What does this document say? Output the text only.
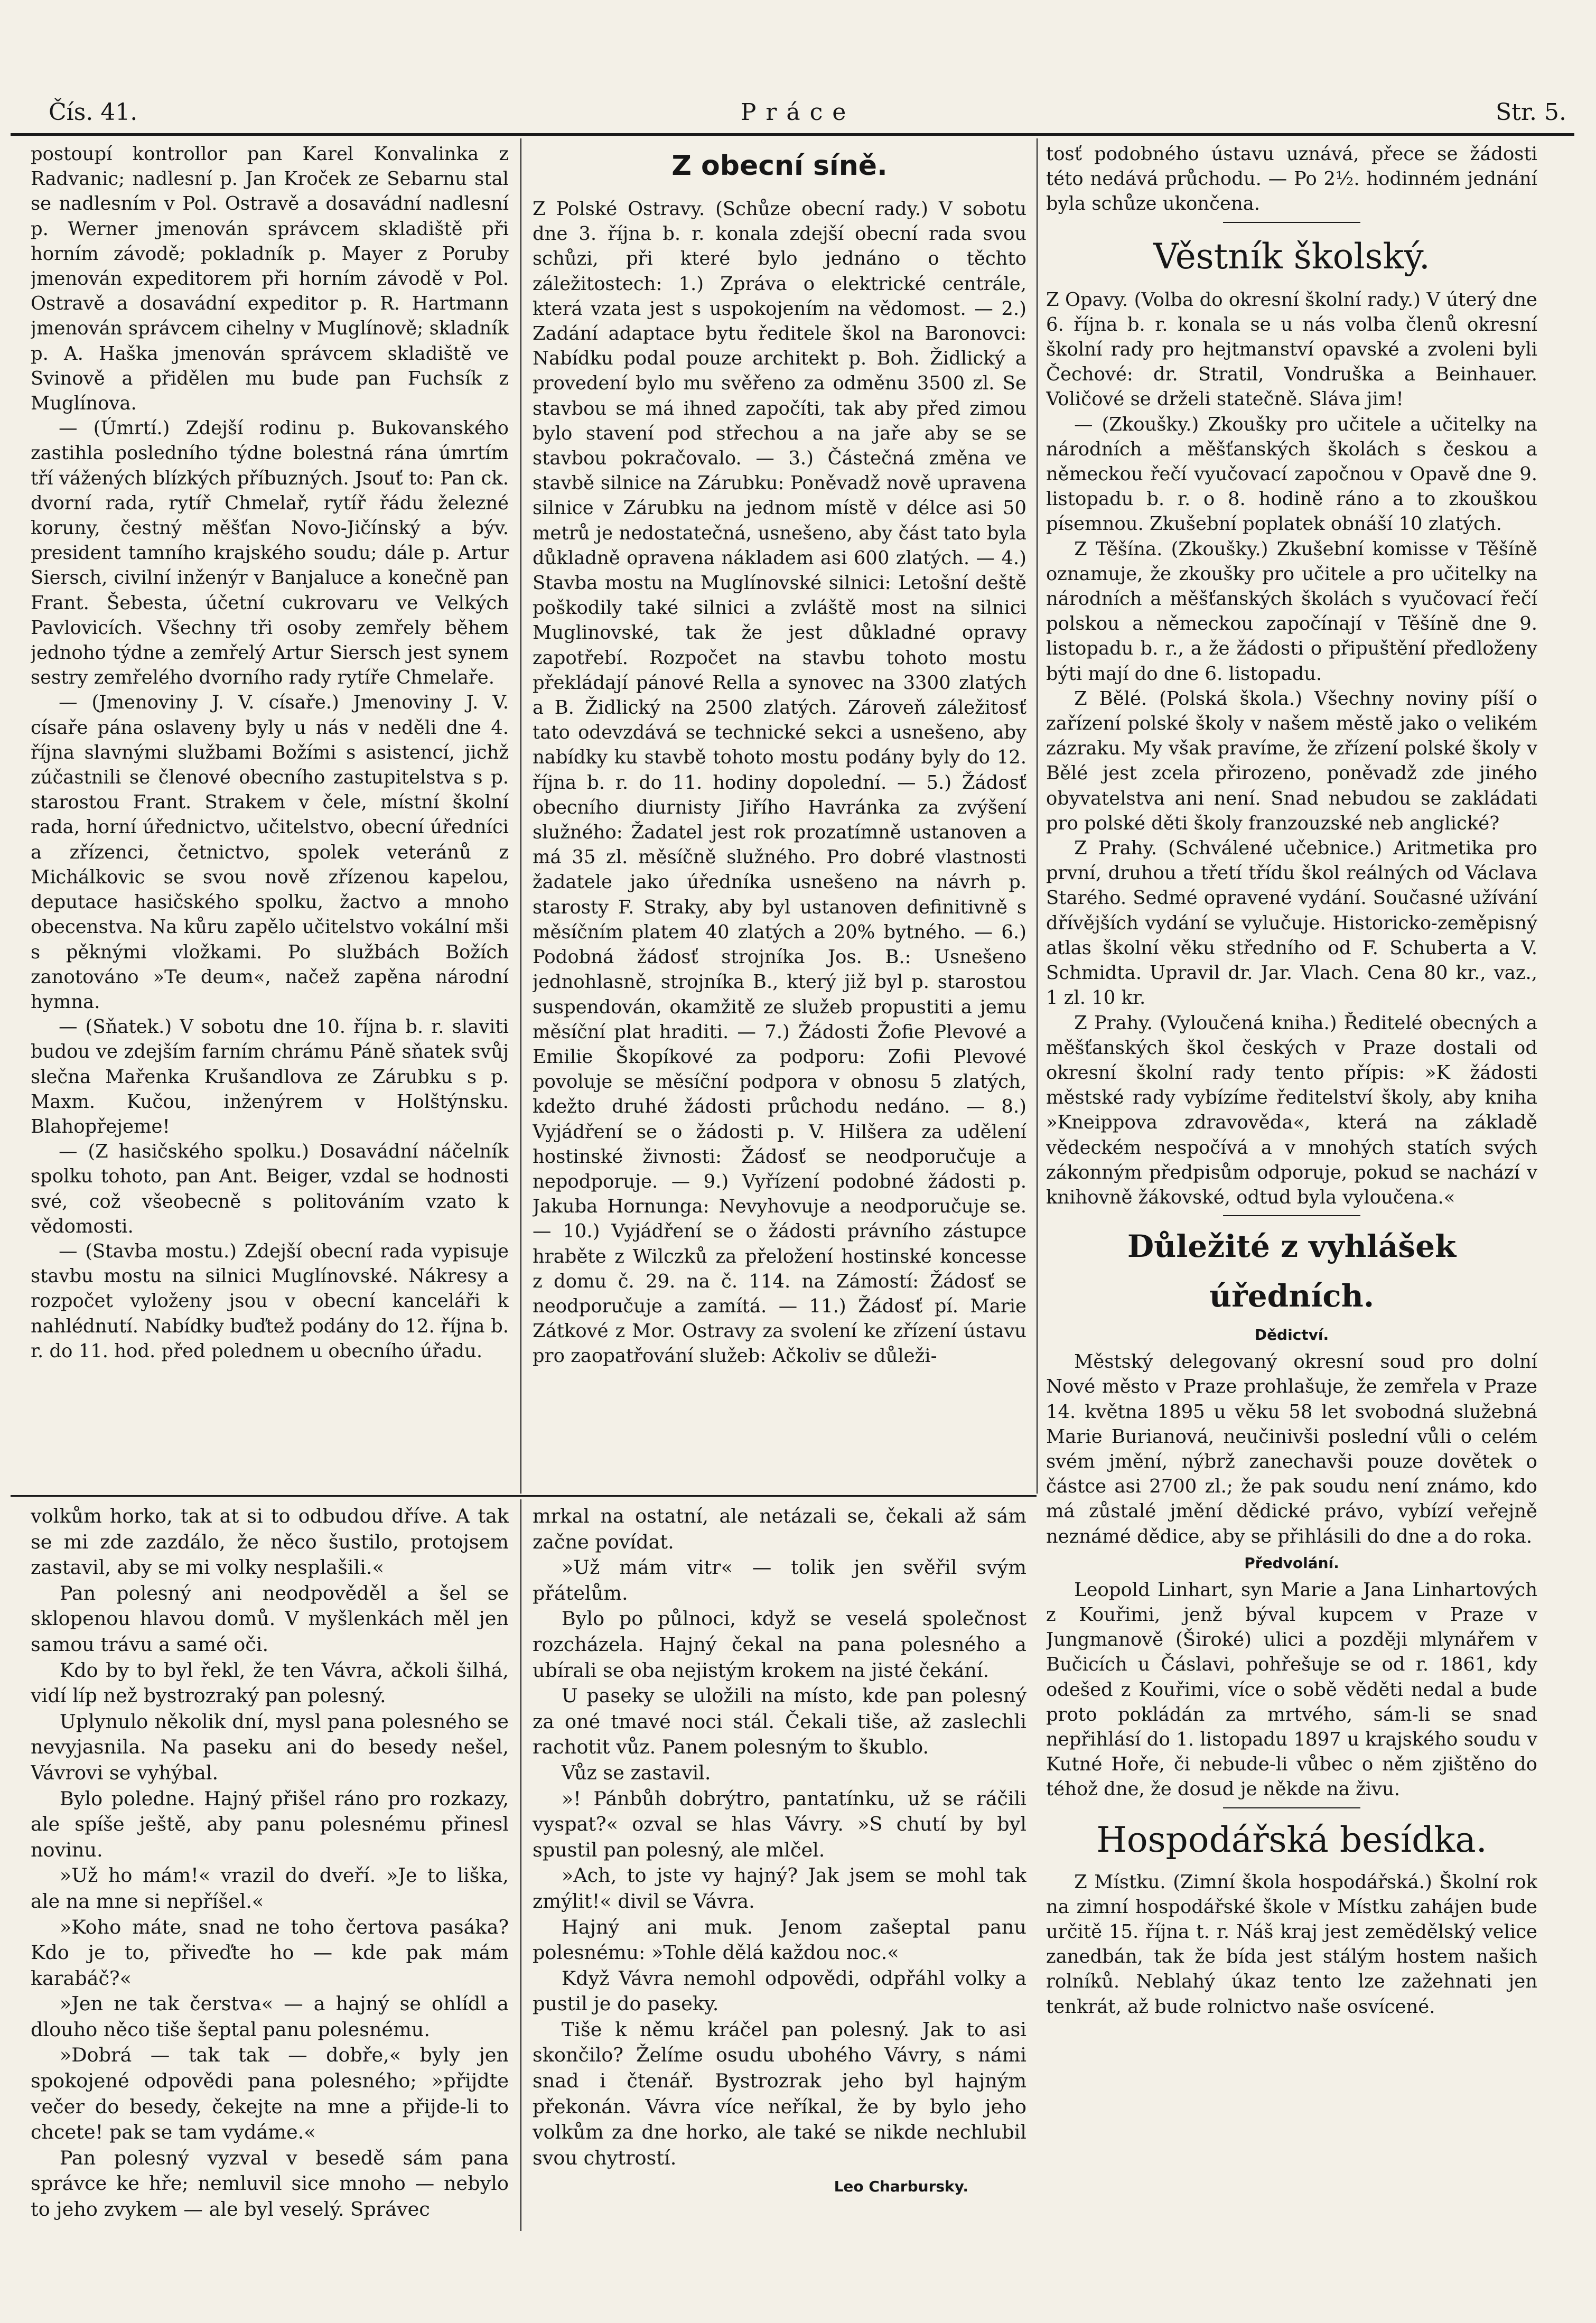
Čís. 41.	Práce	Str. 5.

postoupí kontrollor pan Karel Konvalinka z Radvanic; nadlesní p. Jan Kroček ze Sebarnu stal se nadlesním v Pol. Ostravě a dosavádní nadlesní p. Werner jmenován správcem skladiště při horním závodě; pokladník p. Mayer z Poruby jmenován expeditorem při horním závodě v Pol. Ostravě a dosavádní expeditor p. R. Hartmann jmenován správcem cihelny v Muglínově; skladník p. A. Haška jmenován správcem skladiště ve Svinově a přidělen mu bude pan Fuchsík z Muglínova.

— (Úmrtí.) Zdejší rodinu p. Bukovanského zastihla posledního týdne bolestná rána úmrtím tří vážených blízkých příbuzných. Jsouť to: Pan ck. dvorní rada, rytíř Chmelař, rytíř řádu železné koruny, čestný měšťan Novo-Jičínský a býv. president tamního krajského soudu; dále p. Artur Siersch, civilní inženýr v Banjaluce a konečně pan Frant. Šebesta, účetní cukrovaru ve Velkých Pavlovicích. Všechny tři osoby zemřely během jednoho týdne a zemřelý Artur Siersch jest synem sestry zemřelého dvorního rady rytíře Chmelaře.

— (Jmenoviny J. V. císaře.) Jmenoviny J. V. císaře pána oslaveny byly u nás v neděli dne 4. října slavnými službami Božími s asistencí, jichž zúčastnili se členové obecního zastupitelstva s p. starostou Frant. Strakem v čele, místní školní rada, horní úřednictvo, učitelstvo, obecní úředníci a zřízenci, četnictvo, spolek veteránů z Michálkovic se svou nově zřízenou kapelou, deputace hasičského spolku, žactvo a mnoho obecenstva. Na kůru zapělo učitelstvo vokální mši s pěknými vložkami. Po službách Božích zanotováno »Te deum«, načež zapěna národní hymna.

— (Sňatek.) V sobotu dne 10. října b. r. slaviti budou ve zdejším farním chrámu Páně sňatek svůj slečna Mařenka Krušandlova ze Zárubku s p. Maxm. Kučou, inženýrem v Holštýnsku. Blahopřejeme!

— (Z hasičského spolku.) Dosavádní náčelník spolku tohoto, pan Ant. Beiger, vzdal se hodnosti své, což všeobecně s politováním vzato k vědomosti.

— (Stavba mostu.) Zdejší obecní rada vypisuje stavbu mostu na silnici Muglínovské. Nákresy a rozpočet vyloženy jsou v obecní kanceláři k nahlédnutí. Nabídky buďtež podány do 12. října b. r. do 11. hod. před polednem u obecního úřadu.

Z obecní síně.

Z Polské Ostravy. (Schůze obecní rady.) V sobotu dne 3. října b. r. konala zdejší obecní rada svou schůzi, při které bylo jednáno o těchto záležitostech: 1.) Zpráva o elektrické centrále, která vzata jest s uspokojením na vědomost. — 2.) Zadání adaptace bytu ředitele škol na Baronovci: Nabídku podal pouze architekt p. Boh. Židlický a provedení bylo mu svěřeno za odměnu 3500 zl. Se stavbou se má ihned započíti, tak aby před zimou bylo stavení pod střechou a na jaře aby se se stavbou pokračovalo. — 3.) Částečná změna ve stavbě silnice na Zárubku: Poněvadž nově upravena silnice v Zárubku na jednom místě v délce asi 50 metrů je nedostatečná, usnešeno, aby část tato byla důkladně opravena nákladem asi 600 zlatých. — 4.) Stavba mostu na Muglínovské silnici: Letošní deště poškodily také silnici a zvláště most na silnici Muglinovské, tak že jest důkladné opravy zapotřebí. Rozpočet na stavbu tohoto mostu překládají pánové Rella a synovec na 3300 zlatých a B. Židlický na 2500 zlatých. Zároveň záležitosť tato odevzdává se technické sekci a usnešeno, aby nabídky ku stavbě tohoto mostu podány byly do 12. října b. r. do 11. hodiny dopolední. — 5.) Žádosť obecního diurnisty Jiřího Havránka za zvýšení služného: Žadatel jest rok prozatímně ustanoven a má 35 zl. měsíčně služného. Pro dobré vlastnosti žadatele jako úředníka usnešeno na návrh p. starosty F. Straky, aby byl ustanoven definitivně s měsíčním platem 40 zlatých a 20% bytného. — 6.) Podobná žádosť strojníka Jos. B.: Usnešeno jednohlasně, strojníka B., který již byl p. starostou suspendován, okamžitě ze služeb propustiti a jemu měsíční plat hraditi. — 7.) Žádosti Žofie Plevové a Emilie Škopíkové za podporu: Zofii Plevové povoluje se měsíční podpora v obnosu 5 zlatých, kdežto druhé žádosti průchodu nedáno. — 8.) Vyjádření se o žádosti p. V. Hilšera za udělení hostinské živnosti: Žádosť se neodporučuje a nepodporuje. — 9.) Vyřízení podobné žádosti p. Jakuba Hornunga: Nevyhovuje a neodporučuje se. — 10.) Vyjádření se o žádosti právního zástupce hraběte z Wilczků za přeložení hostinské koncesse z domu č. 29. na č. 114. na Zámostí: Žádosť se neodporučuje a zamítá. — 11.) Žádosť pí. Marie Zátkové z Mor. Ostravy za svolení ke zřízení ústavu pro zaopatřování služeb: Ačkoliv se důleži-

tosť podobného ústavu uznává, přece se žádosti této nedává průchodu. — Po 2½. hodinném jednání byla schůze ukončena.

Věstník školský.

Z Opavy. (Volba do okresní školní rady.) V úterý dne 6. října b. r. konala se u nás volba členů okresní školní rady pro hejtmanství opavské a zvoleni byli Čechové: dr. Stratil, Vondruška a Beinhauer. Voličové se drželi statečně. Sláva jim!

— (Zkoušky.) Zkoušky pro učitele a učitelky na národních a měšťanských školách s českou a německou řečí vyučovací započnou v Opavě dne 9. listopadu b. r. o 8. hodině ráno a to zkouškou písemnou. Zkušební poplatek obnáší 10 zlatých.

Z Těšína. (Zkoušky.) Zkušební komisse v Těšíně oznamuje, že zkoušky pro učitele a pro učitelky na národních a měšťanských školách s vyučovací řečí polskou a německou započínají v Těšíně dne 9. listopadu b. r., a že žádosti o připuštění předloženy býti mají do dne 6. listopadu.

Z Bělé. (Polská škola.) Všechny noviny píší o zařízení polské školy v našem městě jako o velikém zázraku. My však pravíme, že zřízení polské školy v Bělé jest zcela přirozeno, poněvadž zde jiného obyvatelstva ani není. Snad nebudou se zakládati pro polské děti školy franzouzské neb anglické?

Z Prahy. (Schválené učebnice.) Aritmetika pro první, druhou a třetí třídu škol reálných od Václava Starého. Sedmé opravené vydání. Současné užívání dřívějších vydání se vylučuje. Historicko-zeměpisný atlas školní věku středního od F. Schuberta a V. Schmidta. Upravil dr. Jar. Vlach. Cena 80 kr., vaz., 1 zl. 10 kr.

Z Prahy. (Vyloučená kniha.) Ředitelé obecných a měšťanských škol českých v Praze dostali od okresní školní rady tento přípis: »K žádosti městské rady vybízíme ředitelství školy, aby kniha »Kneippova zdravověda«, která na základě vědeckém nespočívá a v mnohých statích svých zákonným předpisům odporuje, pokud se nachází v knihovně žákovské, odtud byla vyloučena.«

Důležité z vyhlášek úředních.
Dědictví.

Městský delegovaný okresní soud pro dolní Nové město v Praze prohlašuje, že zemřela v Praze 14. května 1895 u věku 58 let svobodná služebná Marie Burianová, neučinivši poslední vůli o celém svém jmění, nýbrž zanechavši pouze dovětek o částce asi 2700 zl.; že pak soudu není známo, kdo má zůstalé jmění dědické právo, vybízí veřejně neznámé dědice, aby se přihlásili do dne a do roka.

Předvolání.

Leopold Linhart, syn Marie a Jana Linhartových z Kouřimi, jenž býval kupcem v Praze v Jungmanově (Široké) ulici a později mlynářem v Bučicích u Čáslavi, pohřešuje se od r. 1861, kdy odešed z Kouřimi, více o sobě věděti nedal a bude proto pokládán za mrtvého, sám-li se snad nepřihlásí do 1. listopadu 1897 u krajského soudu v Kutné Hoře, či nebude-li vůbec o něm zjištěno do téhož dne, že dosud je někde na živu.

Hospodářská besídka.

Z Místku. (Zimní škola hospodářská.) Školní rok na zimní hospodářské škole v Místku zahájen bude určitě 15. října t. r. Náš kraj jest zemědělský velice zanedbán, tak že bída jest stálým hostem našich rolníků. Neblahý úkaz tento lze zažehnati jen tenkrát, až bude rolnictvo naše osvícené.

volkům horko, tak at si to odbudou dříve. A tak se mi zde zazdálo, že něco šustilo, protojsem zastavil, aby se mi volky nesplašili.«

Pan polesný ani neodpověděl a šel se sklopenou hlavou domů. V myšlenkách měl jen samou trávu a samé oči.

Kdo by to byl řekl, že ten Vávra, ačkoli šilhá, vidí líp než bystrozraký pan polesný.

Uplynulo několik dní, mysl pana polesného se nevyjasnila. Na paseku ani do besedy nešel, Vávrovi se vyhýbal.

Bylo poledne. Hajný přišel ráno pro rozkazy, ale spíše ještě, aby panu polesnému přinesl novinu.

»Už ho mám!« vrazil do dveří. »Je to liška, ale na mne si nepříšel.«

»Koho máte, snad ne toho čertova pasáka? Kdo je to, přiveďte ho — kde pak mám karabáč?«

»Jen ne tak čerstva« — a hajný se ohlídl a dlouho něco tiše šeptal panu polesnému.

»Dobrá — tak tak — dobře,« byly jen spokojené odpovědi pana polesného; »přijdte večer do besedy, čekejte na mne a přijde-li to chcete! pak se tam vydáme.«

Pan polesný vyzval v besedě sám pana správce ke hře; nemluvil sice mnoho — nebylo to jeho zvykem — ale byl veselý. Správec

mrkal na ostatní, ale netázali se, čekali až sám začne povídat.

»Už mám vitr« — tolik jen svěřil svým přátelům.

Bylo po půlnoci, když se veselá společnost rozcházela. Hajný čekal na pana polesného a ubírali se oba nejistým krokem na jisté čekání.

U paseky se uložili na místo, kde pan polesný za oné tmavé noci stál. Čekali tiše, až zaslechli rachotit vůz. Panem polesným to škublo.

Vůz se zastavil.

»! Pánbůh dobrýtro, pantatínku, už se ráčili vyspat?« ozval se hlas Vávry. »S chutí by byl spustil pan polesný, ale mlčel.

»Ach, to jste vy hajný? Jak jsem se mohl tak zmýlit!« divil se Vávra.

Hajný ani muk. Jenom zašeptal panu polesnému: »Tohle dělá každou noc.«

Když Vávra nemohl odpovědi, odpřáhl volky a pustil je do paseky.

Tiše k němu kráčel pan polesný. Jak to asi skončilo? Želíme osudu ubohého Vávry, s námi snad i čtenář. Bystrozrak jeho byl hajným překonán. Vávra více neříkal, že by bylo jeho volkům za dne horko, ale také se nikde nechlubil svou chytrostí.

Leo Charbursky.
